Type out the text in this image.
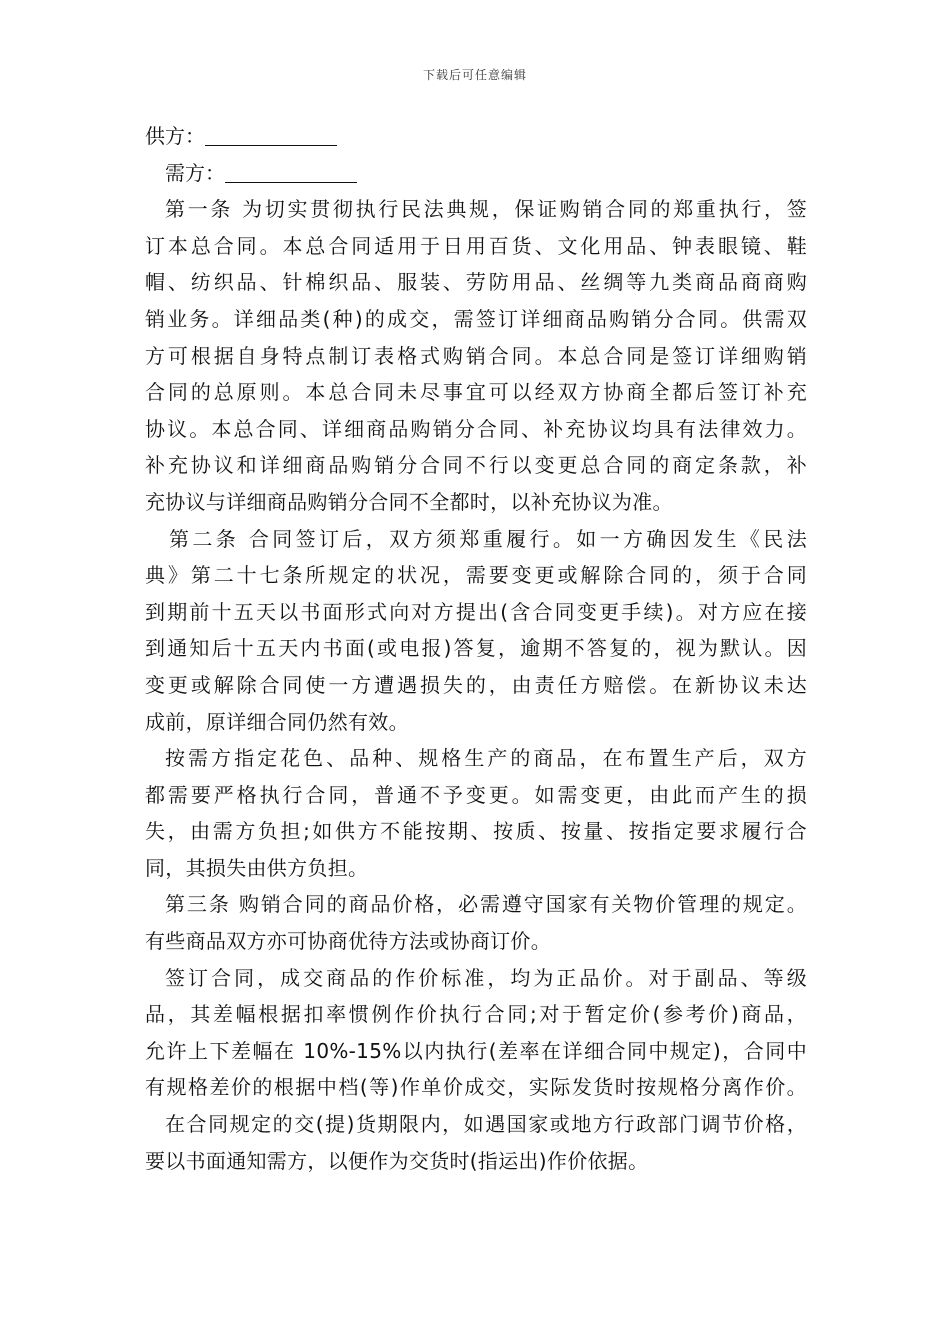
下载后可任意编辑
供方：
需方：
第一条 为切实贯彻执行民法典规，保证购销合同的郑重执行，签
订本总合同。本总合同适用于日用百货、文化用品、钟表眼镜、鞋
帽、纺织品、针棉织品、服装、劳防用品、丝绸等九类商品商商购
销业务。详细品类(种)的成交，需签订详细商品购销分合同。供需双
方可根据自身特点制订表格式购销合同。本总合同是签订详细购销
合同的总原则。本总合同未尽事宜可以经双方协商全都后签订补充
协议。本总合同、详细商品购销分合同、补充协议均具有法律效力。
补充协议和详细商品购销分合同不行以变更总合同的商定条款，补
充协议与详细商品购销分合同不全都时，以补充协议为准。
第二条 合同签订后，双方须郑重履行。如一方确因发生《民法
典》第二十七条所规定的状况，需要变更或解除合同的，须于合同
到期前十五天以书面形式向对方提出(含合同变更手续)。对方应在接
到通知后十五天内书面(或电报)答复，逾期不答复的，视为默认。因
变更或解除合同使一方遭遇损失的，由责任方赔偿。在新协议未达
成前，原详细合同仍然有效。
按需方指定花色、品种、规格生产的商品，在布置生产后，双方
都需要严格执行合同，普通不予变更。如需变更，由此而产生的损
失，由需方负担;如供方不能按期、按质、按量、按指定要求履行合
同，其损失由供方负担。
第三条 购销合同的商品价格，必需遵守国家有关物价管理的规定。
有些商品双方亦可协商优待方法或协商订价。
签订合同，成交商品的作价标准，均为正品价。对于副品、等级
品，其差幅根据扣率惯例作价执行合同;对于暂定价(参考价)商品，
允许上下差幅在 10%-15%以内执行(差率在详细合同中规定)，合同中
有规格差价的根据中档(等)作单价成交，实际发货时按规格分离作价。
在合同规定的交(提)货期限内，如遇国家或地方行政部门调节价格，
要以书面通知需方，以便作为交货时(指运出)作价依据。
